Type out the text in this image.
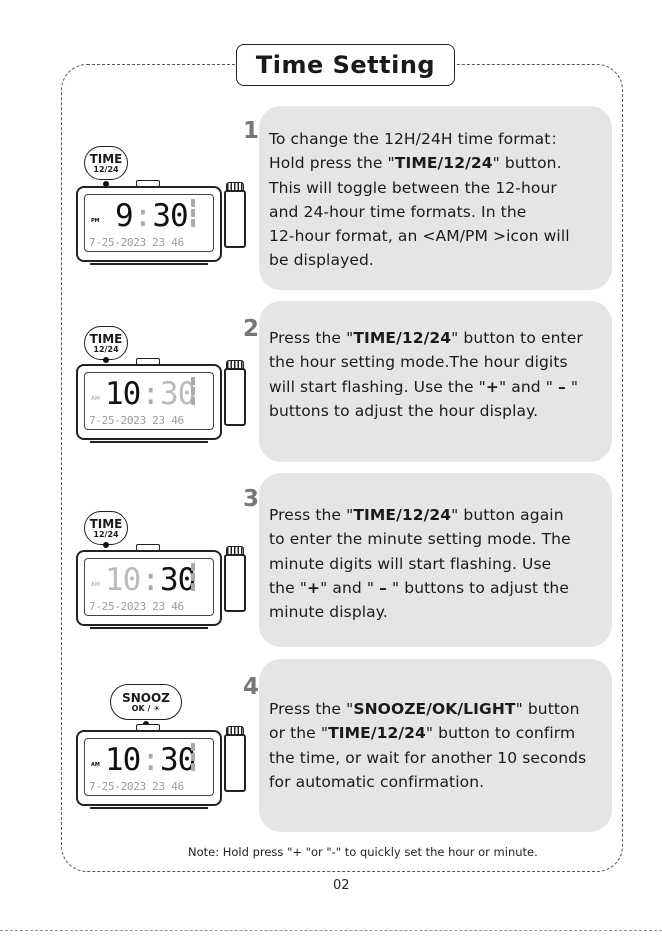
Time Setting
1 To change the 12H/24H time format：
Hold press the "TIME/12/24" button.
This will toggle between the 12-hour
and 24-hour time formats. In the
12-hour format, an <AM/PM >icon will
be displayed.
TIME
12/24
PM 9 : 30
7-25-2023 23 46
2 Press the "TIME/12/24" button to enter
the hour setting mode.The hour digits
will start flashing. Use the "+" and " – "
buttons to adjust the hour display.
TIME
12/24
AM 10 : 30
7-25-2023 23 46
3
Press the "TIME/12/24" button again
to enter the minute setting mode. The
minute digits will start flashing. Use
the "+" and " – " buttons to adjust the
minute display.
TIME
12/24
AM 10 : 30
7-25-2023 23 46
4
Press the "SNOOZE/OK/LIGHT" button
or the "TIME/12/24" button to confirm
the time, or wait for another 10 seconds
for automatic confirmation.
SNOOZ
OK / ☀
AM 10 : 30
7-25-2023 23 46
Note: Hold press "+ "or "-" to quickly set the hour or minute.
02
